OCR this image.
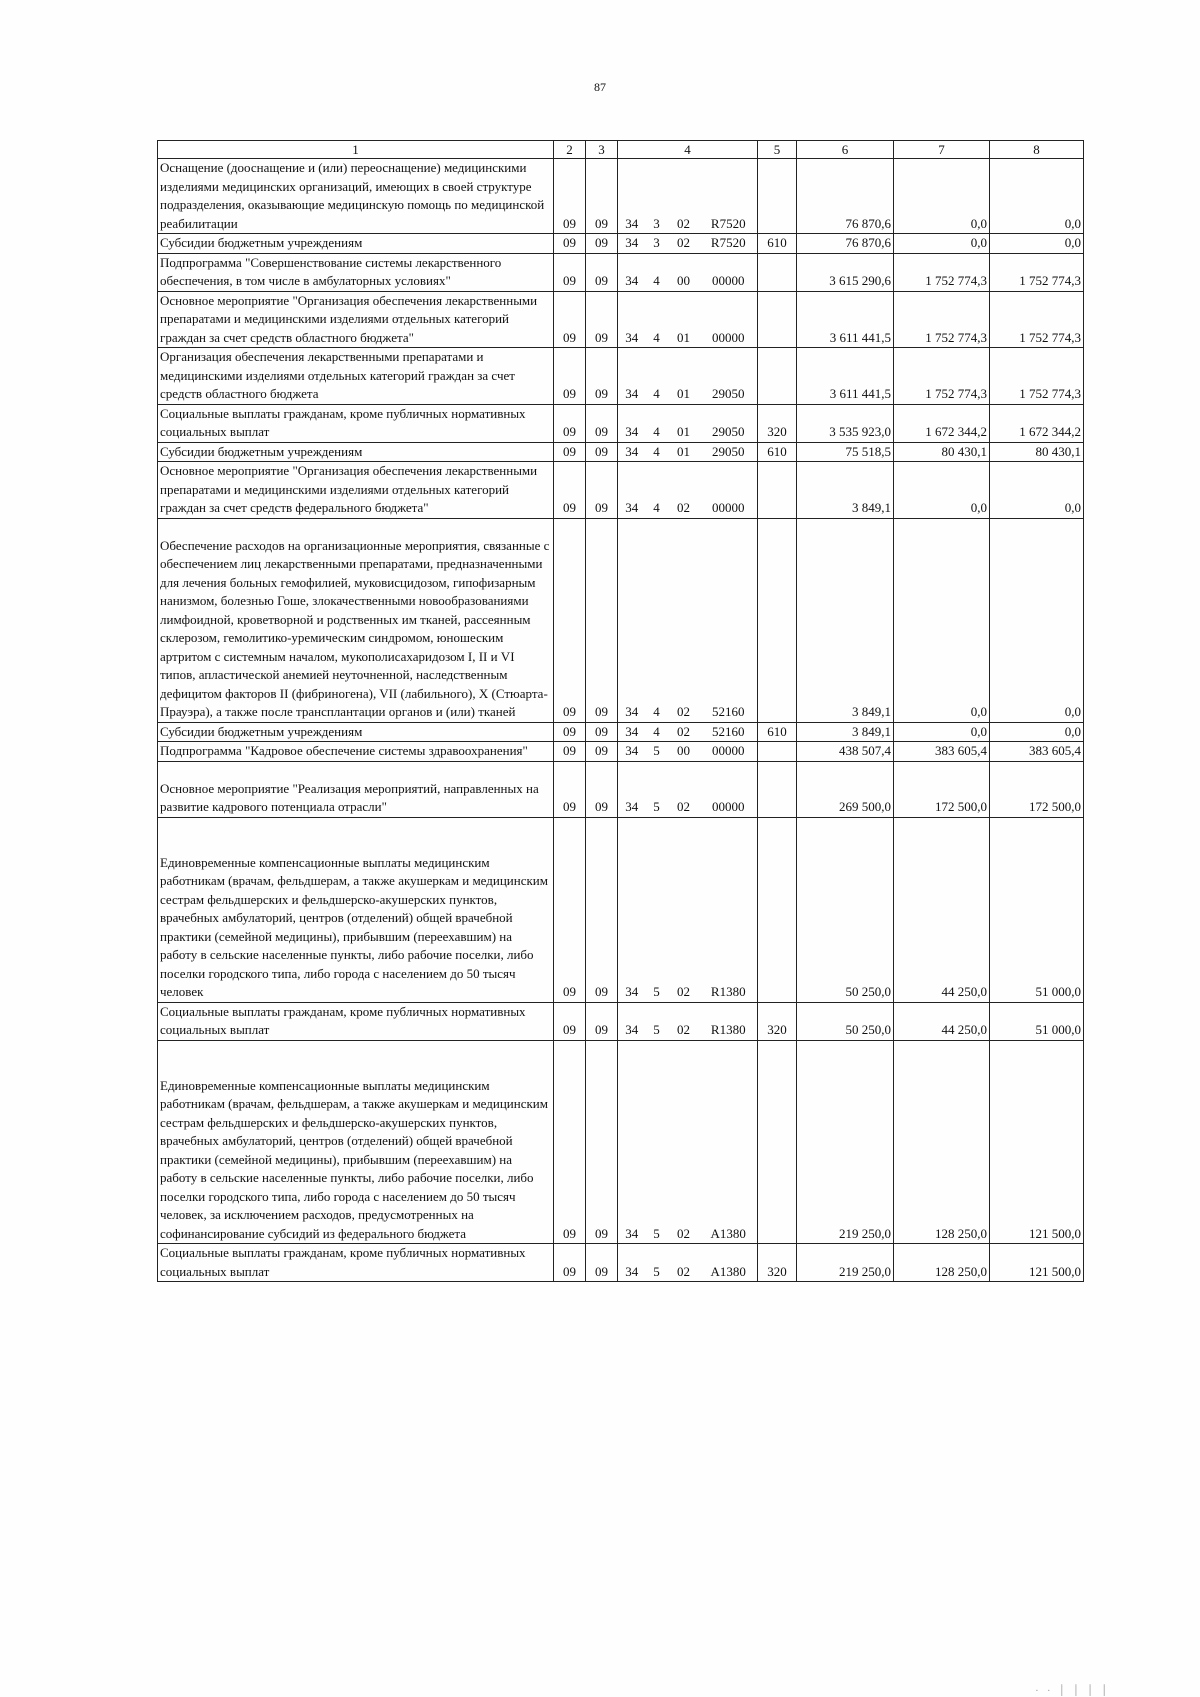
87
1	2	3	4				5	6	7	8
Оснащение (дооснащение и (или) переоснащение) медицинскими изделиями медицинских организаций, имеющих в своей структуре подразделения, оказывающие медицинскую помощь по медицинской реабилитации	09	09	34	3	02	R7520		76 870,6	0,0	0,0
Субсидии бюджетным учреждениям	09	09	34	3	02	R7520	610	76 870,6	0,0	0,0
Подпрограмма "Совершенствование системы лекарственного обеспечения, в том числе в амбулаторных условиях"	09	09	34	4	00	00000		3 615 290,6	1 752 774,3	1 752 774,3
Основное мероприятие "Организация обеспечения лекарственными препаратами и медицинскими изделиями отдельных категорий граждан за счет средств областного бюджета"	09	09	34	4	01	00000		3 611 441,5	1 752 774,3	1 752 774,3
Организация обеспечения лекарственными препаратами и медицинскими изделиями отдельных категорий граждан за счет средств областного бюджета	09	09	34	4	01	29050		3 611 441,5	1 752 774,3	1 752 774,3
Социальные выплаты гражданам, кроме публичных нормативных социальных выплат	09	09	34	4	01	29050	320	3 535 923,0	1 672 344,2	1 672 344,2
Субсидии бюджетным учреждениям	09	09	34	4	01	29050	610	75 518,5	80 430,1	80 430,1
Основное мероприятие "Организация обеспечения лекарственными препаратами и медицинскими изделиями отдельных категорий граждан за счет средств федерального бюджета"	09	09	34	4	02	00000		3 849,1	0,0	0,0

Обеспечение расходов на организационные мероприятия, связанные с обеспечением лиц лекарственными препаратами, предназначенными для лечения больных гемофилией, муковисцидозом, гипофизарным нанизмом, болезнью Гоше, злокачественными новообразованиями лимфоидной, кроветворной и родственных им тканей, рассеянным склерозом, гемолитико-уремическим синдромом, юношеским артритом с системным началом, мукополисахаридозом I, II и VI типов, апластической анемией неуточненной, наследственным дефицитом факторов II (фибриногена), VII (лабильного), X (Стюарта-Прауэра), а также после трансплантации органов и (или) тканей	09	09	34	4	02	52160		3 849,1	0,0	0,0
Субсидии бюджетным учреждениям	09	09	34	4	02	52160	610	3 849,1	0,0	0,0
Подпрограмма "Кадровое обеспечение системы здравоохранения"	09	09	34	5	00	00000		438 507,4	383 605,4	383 605,4

Основное мероприятие "Реализация мероприятий, направленных на развитие кадрового потенциала отрасли"	09	09	34	5	02	00000		269 500,0	172 500,0	172 500,0

Единовременные компенсационные выплаты медицинским работникам (врачам, фельдшерам, а также акушеркам и медицинским сестрам фельдшерских и фельдшерско-акушерских пунктов, врачебных амбулаторий, центров (отделений) общей врачебной практики (семейной медицины), прибывшим (переехавшим) на работу в сельские населенные пункты, либо рабочие поселки, либо поселки городского типа, либо города с населением до 50 тысяч человек	09	09	34	5	02	R1380		50 250,0	44 250,0	51 000,0
Социальные выплаты гражданам, кроме публичных нормативных социальных выплат	09	09	34	5	02	R1380	320	50 250,0	44 250,0	51 000,0

Единовременные компенсационные выплаты медицинским работникам (врачам, фельдшерам, а также акушеркам и медицинским сестрам фельдшерских и фельдшерско-акушерских пунктов, врачебных амбулаторий, центров (отделений) общей врачебной практики (семейной медицины), прибывшим (переехавшим) на работу в сельские населенные пункты, либо рабочие поселки, либо поселки городского типа, либо города с населением до 50 тысяч человек, за исключением расходов, предусмотренных на софинансирование субсидий из федерального бюджета	09	09	34	5	02	A1380		219 250,0	128 250,0	121 500,0
Социальные выплаты гражданам, кроме публичных нормативных социальных выплат	09	09	34	5	02	A1380	320	219 250,0	128 250,0	121 500,0
· · ׀ ׀ ׀ ׀
